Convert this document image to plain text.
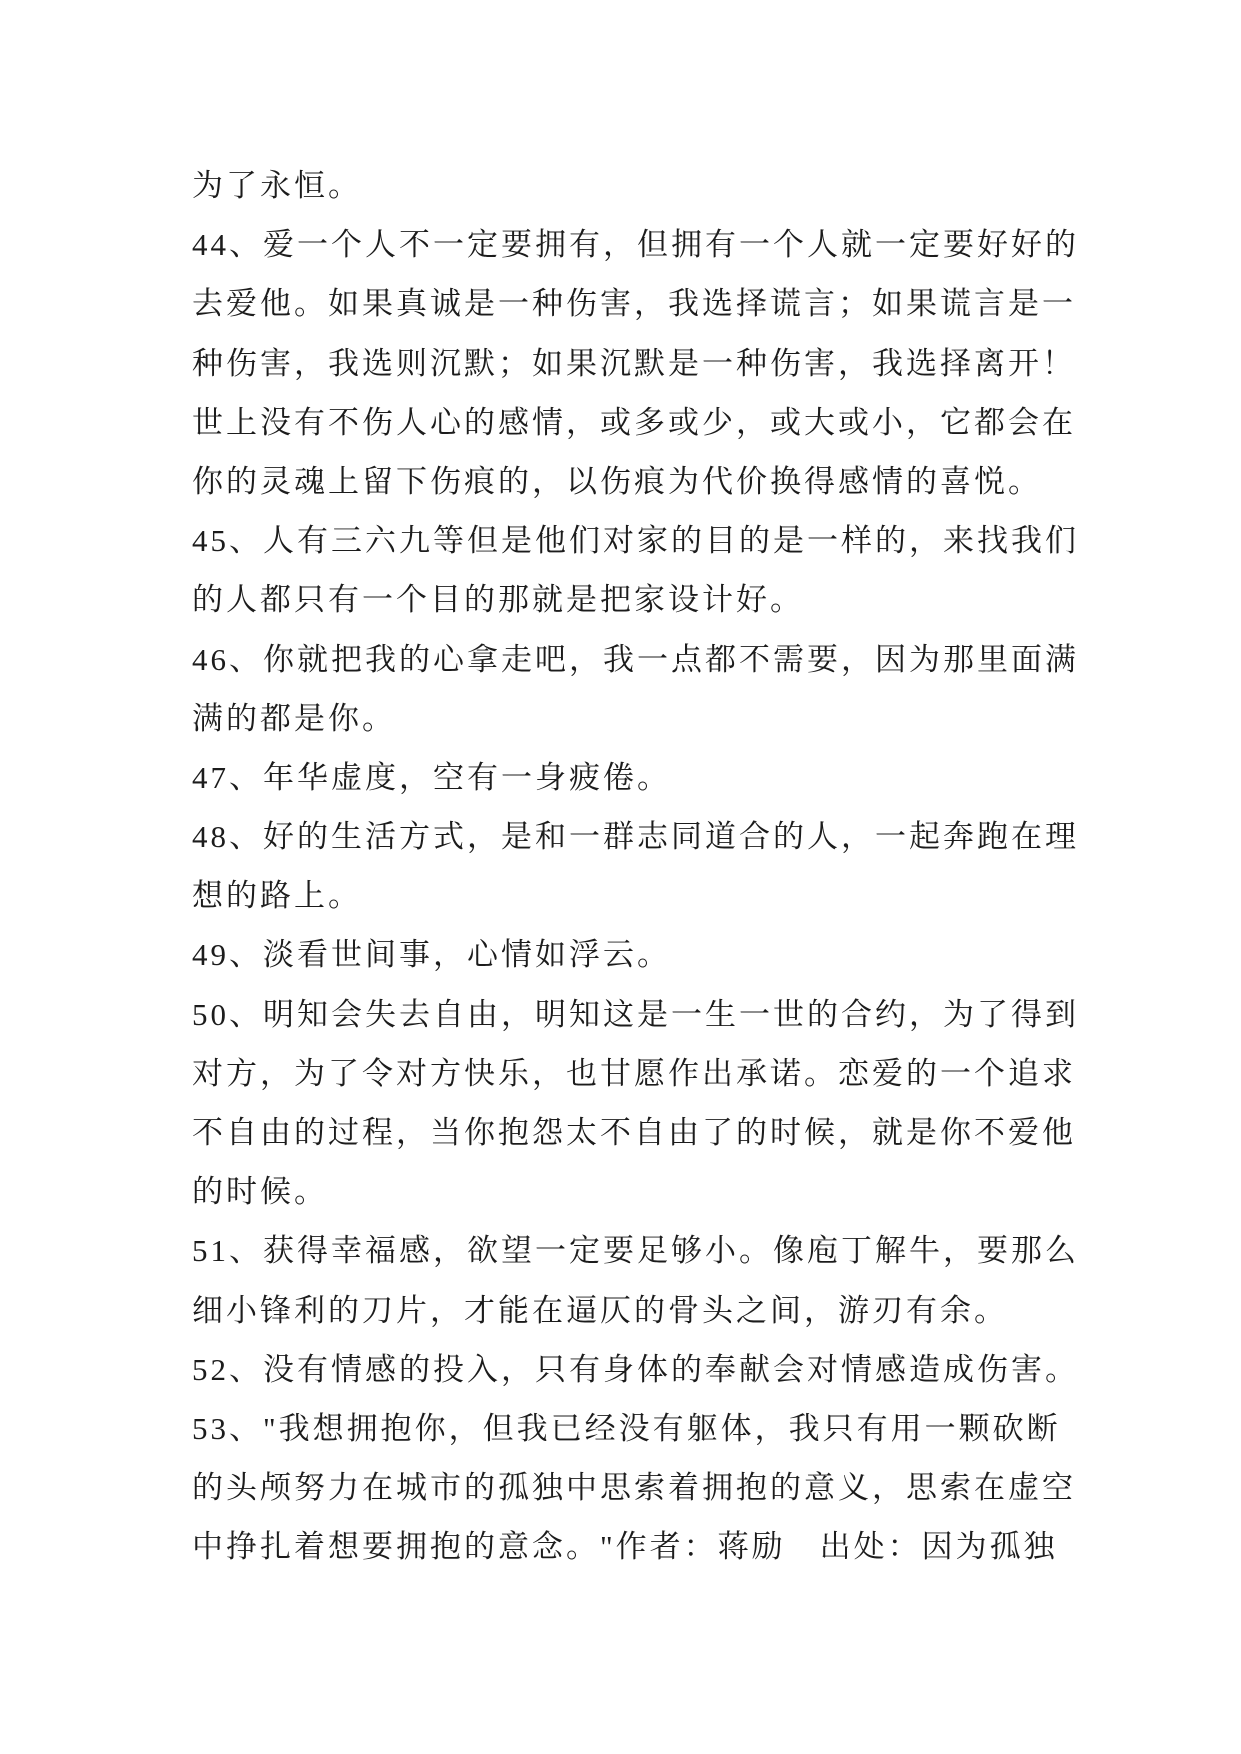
为了永恒。
44、爱一个人不一定要拥有，但拥有一个人就一定要好好的
去爱他。如果真诚是一种伤害，我选择谎言；如果谎言是一
种伤害，我选则沉默；如果沉默是一种伤害，我选择离开！
世上没有不伤人心的感情，或多或少，或大或小，它都会在
你的灵魂上留下伤痕的，以伤痕为代价换得感情的喜悦。
45、人有三六九等但是他们对家的目的是一样的，来找我们
的人都只有一个目的那就是把家设计好。
46、你就把我的心拿走吧，我一点都不需要，因为那里面满
满的都是你。
47、年华虚度，空有一身疲倦。
48、好的生活方式，是和一群志同道合的人，一起奔跑在理
想的路上。
49、淡看世间事，心情如浮云。
50、明知会失去自由，明知这是一生一世的合约，为了得到
对方，为了令对方快乐，也甘愿作出承诺。恋爱的一个追求
不自由的过程，当你抱怨太不自由了的时候，就是你不爱他
的时候。
51、获得幸福感，欲望一定要足够小。像庖丁解牛，要那么
细小锋利的刀片，才能在逼仄的骨头之间，游刃有余。
52、没有情感的投入，只有身体的奉献会对情感造成伤害。
53、"我想拥抱你，但我已经没有躯体，我只有用一颗砍断
的头颅努力在城市的孤独中思索着拥抱的意义，思索在虚空
中挣扎着想要拥抱的意念。"作者：蒋励　出处：因为孤独
